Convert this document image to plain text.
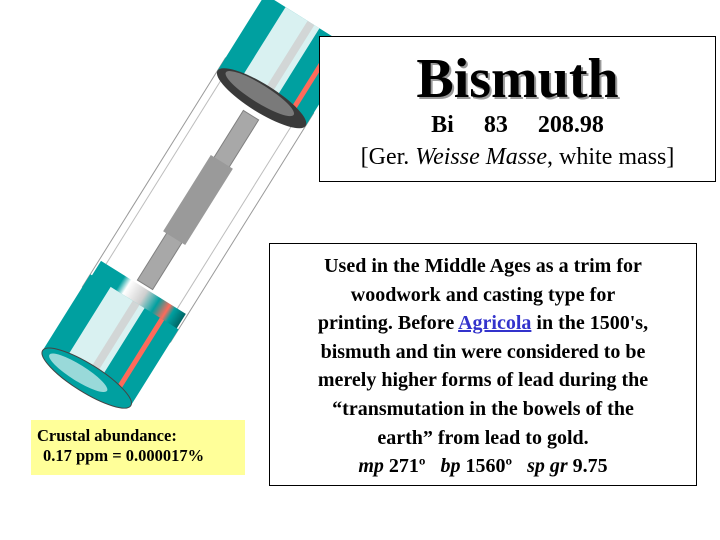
Bismuth
Bi 83 208.98
[Ger. Weisse Masse, white mass]
Used in the Middle Ages as a trim for
woodwork and casting type for
printing. Before Agricola in the 1500's,
bismuth and tin were considered to be
merely higher forms of lead during the
“transmutation in the bowels of the
earth” from lead to gold.
mp 271º bp 1560º sp gr 9.75
Crustal abundance:
0.17 ppm = 0.000017%
